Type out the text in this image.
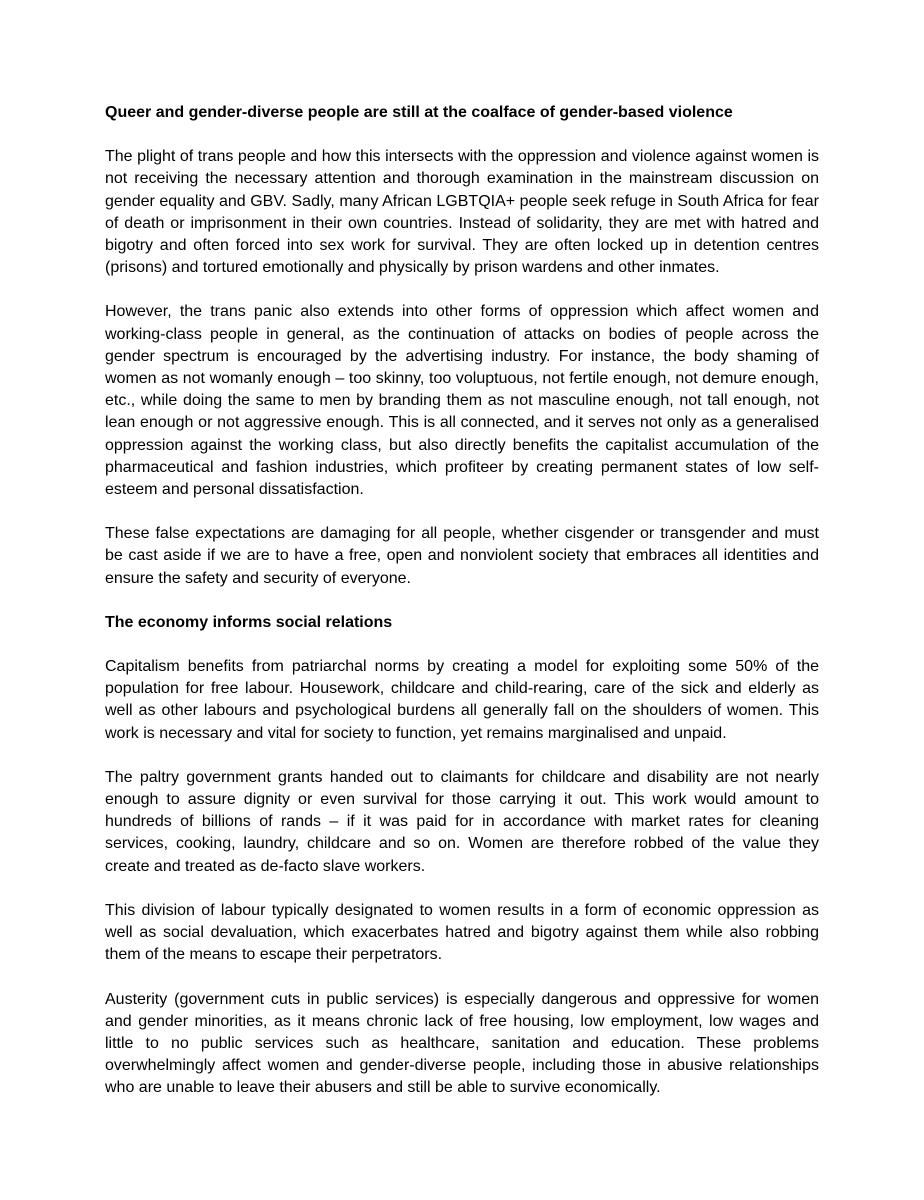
Queer and gender-diverse people are still at the coalface of gender-based violence

The plight of trans people and how this intersects with the oppression and violence against women is not receiving the necessary attention and thorough examination in the mainstream discussion on gender equality and GBV. Sadly, many African LGBTQIA+ people seek refuge in South Africa for fear of death or imprisonment in their own countries. Instead of solidarity, they are met with hatred and bigotry and often forced into sex work for survival. They are often locked up in detention centres (prisons) and tortured emotionally and physically by prison wardens and other inmates.

However, the trans panic also extends into other forms of oppression which affect women and working-class people in general, as the continuation of attacks on bodies of people across the gender spectrum is encouraged by the advertising industry. For instance, the body shaming of women as not womanly enough – too skinny, too voluptuous, not fertile enough, not demure enough, etc., while doing the same to men by branding them as not masculine enough, not tall enough, not lean enough or not aggressive enough. This is all connected, and it serves not only as a generalised oppression against the working class, but also directly benefits the capitalist accumulation of the pharmaceutical and fashion industries, which profiteer by creating permanent states of low self-esteem and personal dissatisfaction.

These false expectations are damaging for all people, whether cisgender or transgender and must be cast aside if we are to have a free, open and nonviolent society that embraces all identities and ensure the safety and security of everyone.

The economy informs social relations

Capitalism benefits from patriarchal norms by creating a model for exploiting some 50% of the population for free labour. Housework, childcare and child-rearing, care of the sick and elderly as well as other labours and psychological burdens all generally fall on the shoulders of women. This work is necessary and vital for society to function, yet remains marginalised and unpaid.

The paltry government grants handed out to claimants for childcare and disability are not nearly enough to assure dignity or even survival for those carrying it out. This work would amount to hundreds of billions of rands – if it was paid for in accordance with market rates for cleaning services, cooking, laundry, childcare and so on. Women are therefore robbed of the value they create and treated as de-facto slave workers.

This division of labour typically designated to women results in a form of economic oppression as well as social devaluation, which exacerbates hatred and bigotry against them while also robbing them of the means to escape their perpetrators.

Austerity (government cuts in public services) is especially dangerous and oppressive for women and gender minorities, as it means chronic lack of free housing, low employment, low wages and little to no public services such as healthcare, sanitation and education. These problems overwhelmingly affect women and gender-diverse people, including those in abusive relationships who are unable to leave their abusers and still be able to survive economically.
